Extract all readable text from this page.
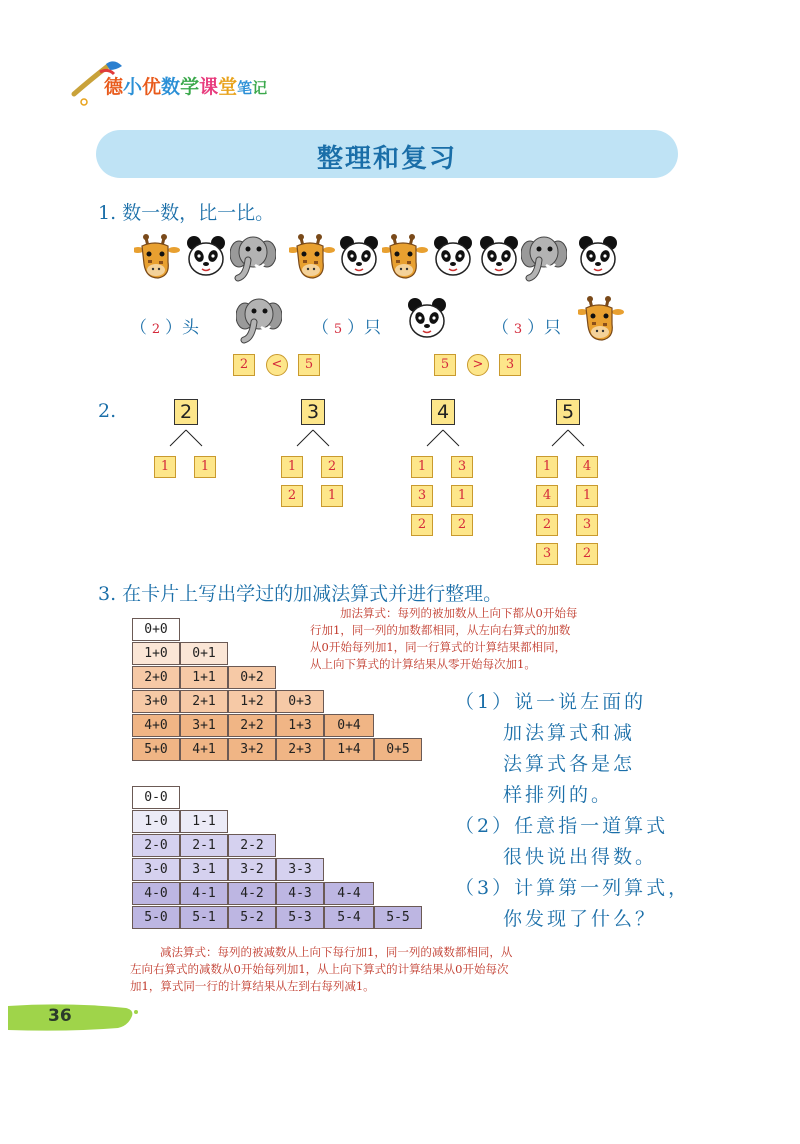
德小优数学课堂笔记
整理和复习
1. 数一数，比一比。
（ 2 ）头	（ 5 ）只	（ 3 ）只
2	<	5	5	>	3
2.	2
1	1
3
1	2
2	1
4
1	3
3	1
2	2
5
1	4
4	1
2	3
3	2
3. 在卡片上写出学过的加减法算式并进行整理。
加法算式：每列的被加数从上向下都从0开始每
行加1，同一列的加数都相同，从左向右算式的加数
从0开始每列加1，同一行算式的计算结果都相同，
从上向下算式的计算结果从零开始每次加1。
0+0
1+0	0+1
2+0	1+1	0+2
3+0	2+1	1+2	0+3
4+0	3+1	2+2	1+3	0+4
5+0	4+1	3+2	2+3	1+4	0+5
0-0
1-0	1-1
2-0	2-1	2-2
3-0	3-1	3-2	3-3
4-0	4-1	4-2	4-3	4-4
5-0	5-1	5-2	5-3	5-4	5-5
（1）说一说左面的
加法算式和减
法算式各是怎
样排列的。
（2）任意指一道算式
很快说出得数。
（3）计算第一列算式，
你发现了什么？
减法算式：每列的被减数从上向下每行加1，同一列的减数都相同，从
左向右算式的减数从0开始每列加1，从上向下算式的计算结果从0开始每次
加1，算式同一行的计算结果从左到右每列减1。
36
